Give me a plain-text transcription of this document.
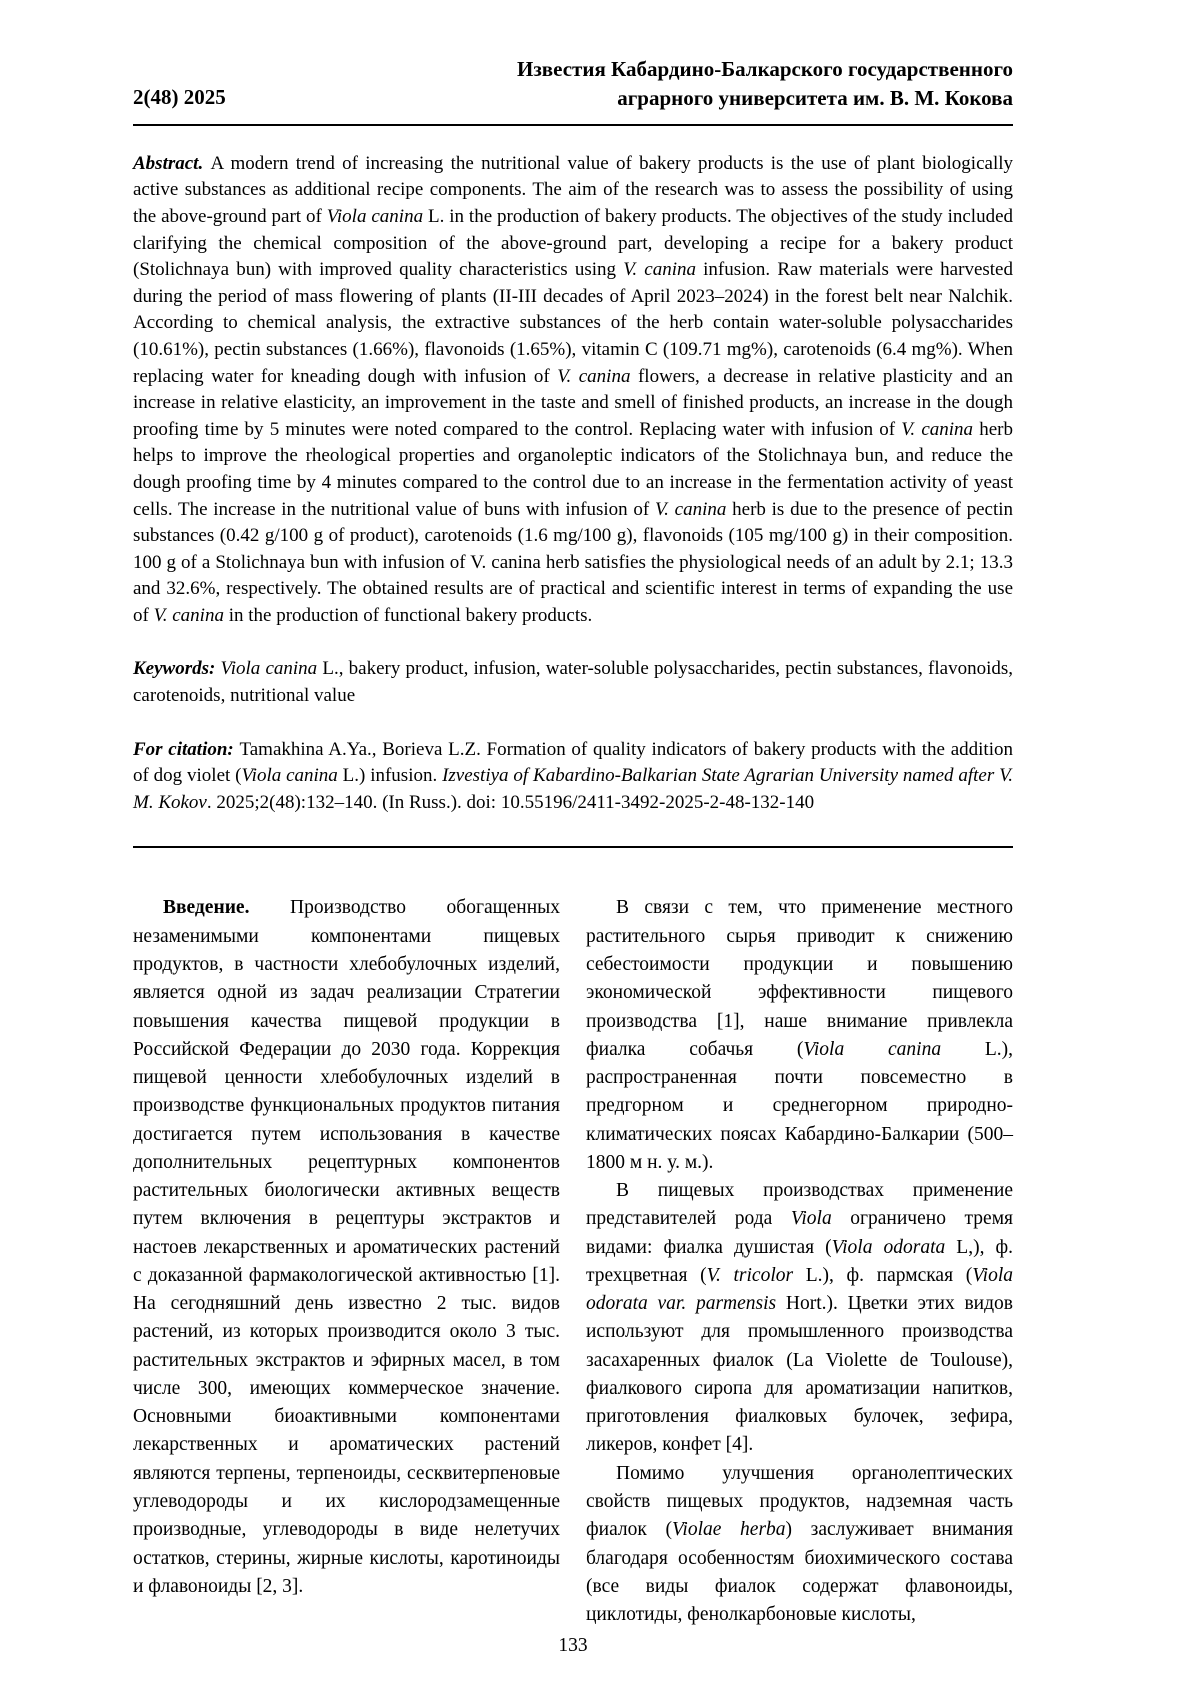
2(48) 2025
Известия Кабардино-Балкарского государственного
аграрного университета им. В. М. Кокова

Abstract. A modern trend of increasing the nutritional value of bakery products is the use of plant biologically active substances as additional recipe components. The aim of the research was to assess the possibility of using the above-ground part of Viola canina L. in the production of bakery products. The objectives of the study included clarifying the chemical composition of the above-ground part, developing a recipe for a bakery product (Stolichnaya bun) with improved quality characteristics using V. canina infusion. Raw materials were harvested during the period of mass flowering of plants (II-III decades of April 2023–2024) in the forest belt near Nalchik. According to chemical analysis, the extractive substances of the herb contain water-soluble polysaccharides (10.61%), pectin substances (1.66%), flavonoids (1.65%), vitamin C (109.71 mg%), carotenoids (6.4 mg%). When replacing water for kneading dough with infusion of V. canina flowers, a decrease in relative plasticity and an increase in relative elasticity, an improvement in the taste and smell of finished products, an increase in the dough proofing time by 5 minutes were noted compared to the control. Replacing water with infusion of V. canina herb helps to improve the rheological properties and organoleptic indicators of the Stolichnaya bun, and reduce the dough proofing time by 4 minutes compared to the control due to an increase in the fermentation activity of yeast cells. The increase in the nutritional value of buns with infusion of V. canina herb is due to the presence of pectin substances (0.42 g/100 g of product), carotenoids (1.6 mg/100 g), flavonoids (105 mg/100 g) in their composition. 100 g of a Stolichnaya bun with infusion of V. canina herb satisfies the physiological needs of an adult by 2.1; 13.3 and 32.6%, respectively. The obtained results are of practical and scientific interest in terms of expanding the use of V. canina in the production of functional bakery products.

Keywords: Viola canina L., bakery product, infusion, water-soluble polysaccharides, pectin substances, flavonoids, carotenoids, nutritional value

For citation: Tamakhina A.Ya., Borieva L.Z. Formation of quality indicators of bakery products with the addition of dog violet (Viola canina L.) infusion. Izvestiya of Kabardino-Balkarian State Agrarian University named after V. M. Kokov. 2025;2(48):132–140. (In Russ.). doi: 10.55196/2411-3492-2025-2-48-132-140

Введение. Производство обогащенных незаменимыми компонентами пищевых продуктов, в частности хлебобулочных изделий, является одной из задач реализации Стратегии повышения качества пищевой продукции в Российской Федерации до 2030 года. Коррекция пищевой ценности хлебобулочных изделий в производстве функциональных продуктов питания достигается путем использования в качестве дополнительных рецептурных компонентов растительных биологически активных веществ путем включения в рецептуры экстрактов и настоев лекарственных и ароматических растений с доказанной фармакологической активностью [1]. На сегодняшний день известно 2 тыс. видов растений, из которых производится около 3 тыс. растительных экстрактов и эфирных масел, в том числе 300, имеющих коммерческое значение. Основными биоактивными компонентами лекарственных и ароматических растений являются терпены, терпеноиды, сесквитерпеновые углеводороды и их кислородзамещенные производные, углеводороды в виде нелетучих остатков, стерины, жирные кислоты, каротиноиды и флавоноиды [2, 3].

В связи с тем, что применение местного растительного сырья приводит к снижению себестоимости продукции и повышению экономической эффективности пищевого производства [1], наше внимание привлекла фиалка собачья (Viola canina L.), распространенная почти повсеместно в предгорном и среднегорном природно-климатических поясах Кабардино-Балкарии (500–1800 м н. у. м.).

В пищевых производствах применение представителей рода Viola ограничено тремя видами: фиалка душистая (Viola odorata L,), ф. трехцветная (V. tricolor L.), ф. пармская (Viola odorata var. parmensis Hort.). Цветки этих видов используют для промышленного производства засахаренных фиалок (La Violette de Toulouse), фиалкового сиропа для ароматизации напитков, приготовления фиалковых булочек, зефира, ликеров, конфет [4].

Помимо улучшения органолептических свойств пищевых продуктов, надземная часть фиалок (Violae herba) заслуживает внимания благодаря особенностям биохимического состава (все виды фиалок содержат флавоноиды, циклотиды, фенолкарбоновые кислоты,

133
